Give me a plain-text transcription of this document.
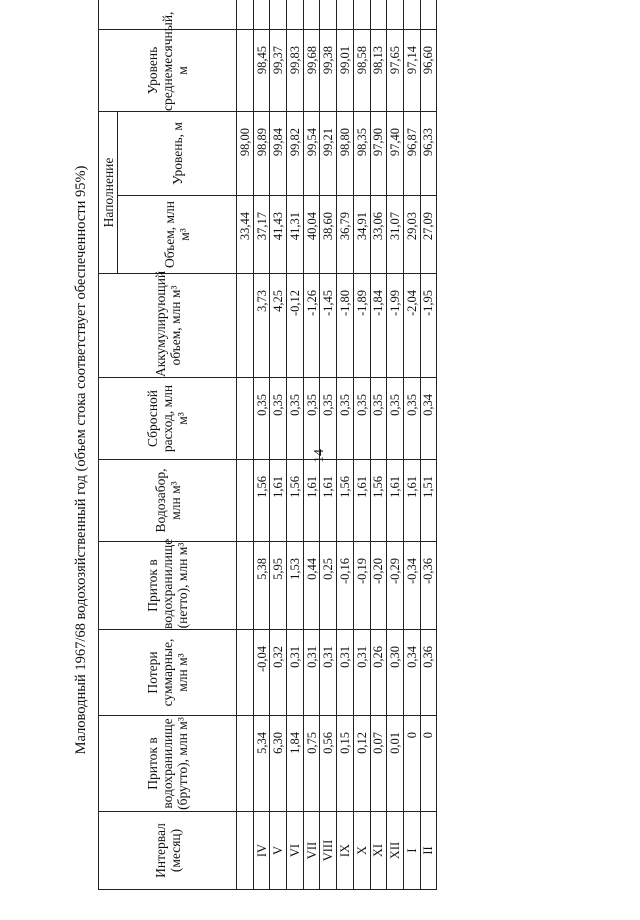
14
Маловодный 1967/68 водохозяйственный год (объем стока соответствует обеспеченности 95%)
Интервал (месяц)	Приток в водохранилище (брутто), млн м³	Потери суммарные, млн м³	Приток в водохранилище (нетто), млн м³	Водозабор, млн м³	Сбросной расход, млн м³	Аккумулирующий объем, млн м³	Наполнение		Уровень среднемесячный, м	
							Объем, млн м³	Уровень, м		
							33,44	98,00		
IV	5,34	-0,04	5,38	1,56	0,35	3,73	37,17	98,89	98,45	
V	6,30	0,32	5,95	1,61	0,35	4,25	41,43	99,84	99,37	
VI	1,84	0,31	1,53	1,56	0,35	-0,12	41,31	99,82	99,83	
VII	0,75	0,31	0,44	1,61	0,35	-1,26	40,04	99,54	99,68	
VIII	0,56	0,31	0,25	1,61	0,35	-1,45	38,60	99,21	99,38	
IX	0,15	0,31	-0,16	1,56	0,35	-1,80	36,79	98,80	99,01	
X	0,12	0,31	-0,19	1,61	0,35	-1,89	34,91	98,35	98,58	
XI	0,07	0,26	-0,20	1,56	0,35	-1,84	33,06	97,90	98,13	
XII	0,01	0,30	-0,29	1,61	0,35	-1,99	31,07	97,40	97,65	
I	0	0,34	-0,34	1,61	0,35	-2,04	29,03	96,87	97,14	
II	0	0,36	-0,36	1,51	0,34	-1,95	27,09	96,33	96,60	
